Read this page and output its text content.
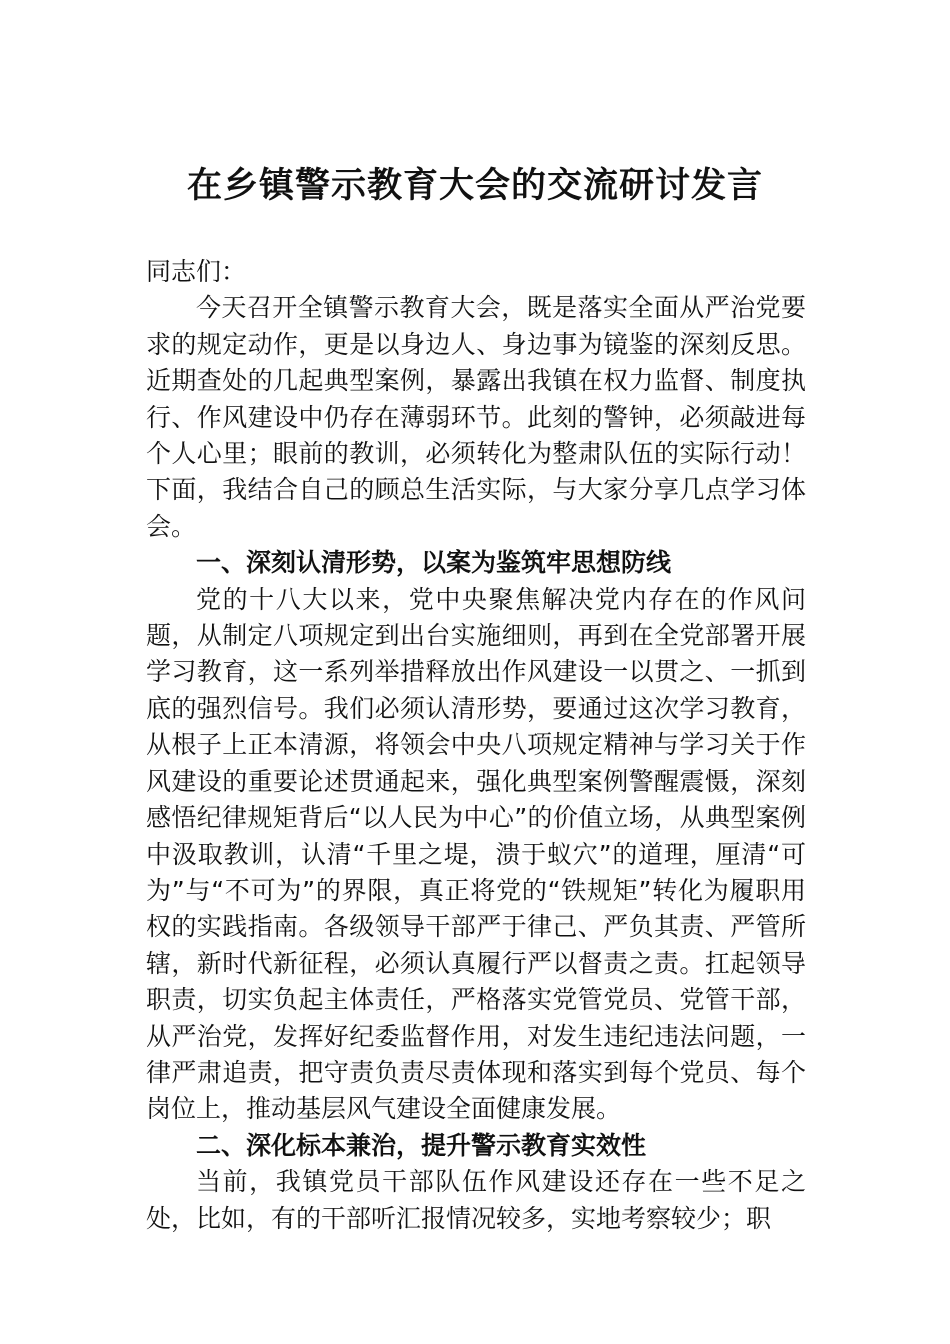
在乡镇警示教育大会的交流研讨发言

同志们：

今天召开全镇警示教育大会，既是落实全面从严治党要求的规定动作，更是以身边人、身边事为镜鉴的深刻反思。近期查处的几起典型案例，暴露出我镇在权力监督、制度执行、作风建设中仍存在薄弱环节。此刻的警钟，必须敲进每个人心里；眼前的教训，必须转化为整肃队伍的实际行动！下面，我结合自己的顾总生活实际，与大家分享几点学习体会。

一、深刻认清形势，以案为鉴筑牢思想防线

党的十八大以来，党中央聚焦解决党内存在的作风问题，从制定八项规定到出台实施细则，再到在全党部署开展学习教育，这一系列举措释放出作风建设一以贯之、一抓到底的强烈信号。我们必须认清形势，要通过这次学习教育，从根子上正本清源，将领会中央八项规定精神与学习关于作风建设的重要论述贯通起来，强化典型案例警醒震慑，深刻感悟纪律规矩背后“以人民为中心”的价值立场，从典型案例中汲取教训，认清“千里之堤，溃于蚁穴”的道理，厘清“可为”与“不可为”的界限，真正将党的“铁规矩”转化为履职用权的实践指南。各级领导干部严于律己、严负其责、严管所辖，新时代新征程，必须认真履行严以督责之责。扛起领导职责，切实负起主体责任，严格落实党管党员、党管干部，从严治党，发挥好纪委监督作用，对发生违纪违法问题，一律严肃追责，把守责负责尽责体现和落实到每个党员、每个岗位上，推动基层风气建设全面健康发展。

二、深化标本兼治，提升警示教育实效性

当前，我镇党员干部队伍作风建设还存在一些不足之处，比如，有的干部听汇报情况较多，实地考察较少；职
